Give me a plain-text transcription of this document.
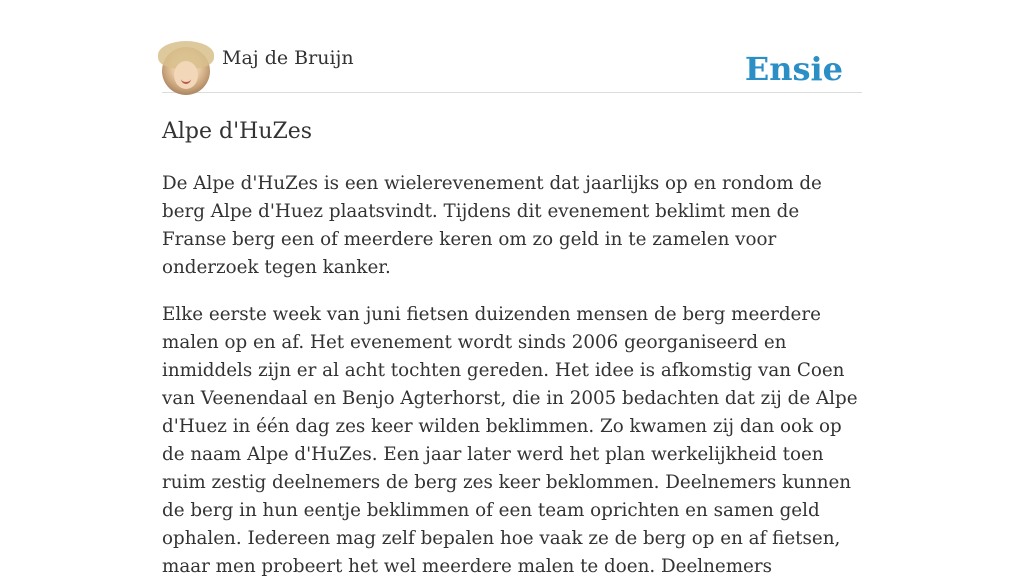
Maj de Bruijn	Ensie
Alpe d'HuZes

De Alpe d'HuZes is een wielerevenement dat jaarlijks op en rondom de berg Alpe d'Huez plaatsvindt. Tijdens dit evenement beklimt men de Franse berg een of meerdere keren om zo geld in te zamelen voor onderzoek tegen kanker.

Elke eerste week van juni fietsen duizenden mensen de berg meerdere malen op en af. Het evenement wordt sinds 2006 georganiseerd en inmiddels zijn er al acht tochten gereden. Het idee is afkomstig van Coen van Veenendaal en Benjo Agterhorst, die in 2005 bedachten dat zij de Alpe d'Huez in één dag zes keer wilden beklimmen. Zo kwamen zij dan ook op de naam Alpe d'HuZes. Een jaar later werd het plan werkelijkheid toen ruim zestig deelnemers de berg zes keer beklommen. Deelnemers kunnen de berg in hun eentje beklimmen of een team oprichten en samen geld ophalen. Iedereen mag zelf bepalen hoe vaak ze de berg op en af fietsen, maar men probeert het wel meerdere malen te doen. Deelnemers
